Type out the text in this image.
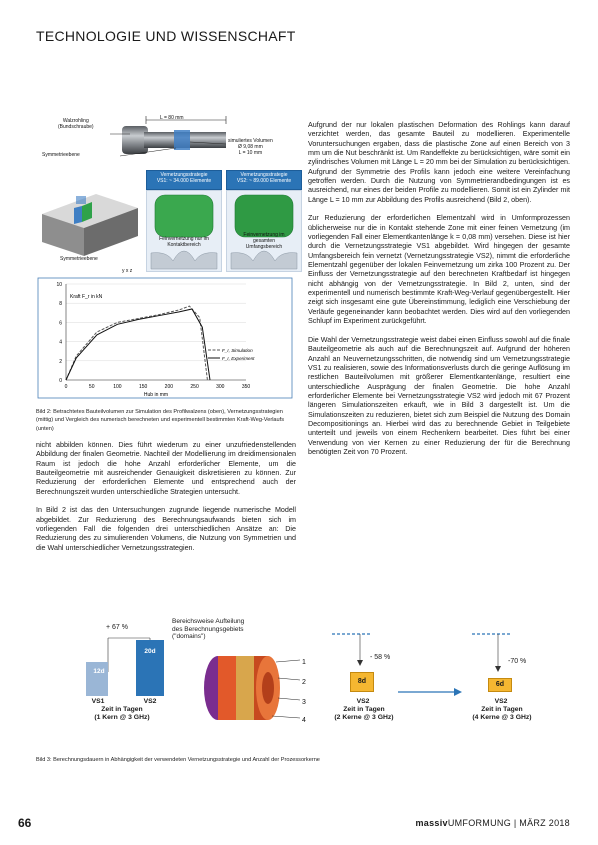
TECHNOLOGIE UND WISSENSCHAFT
Walzrohling
(Bundschraube)
Symmetrieebene
L = 80 mm
simuliertes Volumen
Ø 9,08 mm
L = 10 mm
Symmetrieebene
y x z
Vernetzungsstrategie
VS1: ~ 34.000 Elemente
Feinvernetzung nur im
Kontaktbereich
Vernetzungsstrategie
VS2: ~ 89.000 Elemente
Feinvernetzung im
gesamten
Umfangsbereich
0
2
4
6
8
10
0	50	100	150	200	250	300	350
Kraft F_r in kN
Hub in mm
F_r, Simulation
F_r, Experiment
Bild 2: Betrachtetes Bauteilvolumen zur Simulation des Profilwalzens (oben), Vernetzungsstrategien (mittig) und Vergleich des numerisch berechneten und experimentell bestimmten Kraft-Weg-Verlaufs (unten)

Aufgrund der nur lokalen plastischen Deformation des Rohlings kann darauf verzichtet werden, das gesamte Bauteil zu modellieren. Experimentelle Voruntersuchungen ergaben, dass die plastische Zone auf einen Bereich von 3 mm um die Nut beschränkt ist. Um Randeffekte zu berücksichtigen, wäre somit ein zylindrisches Volumen mit Länge L = 20 mm bei der Simulation zu berücksichtigen. Aufgrund der Symmetrie des Profils kann jedoch eine weitere Vereinfachung getroffen werden. Durch die Nutzung von Symmetrierandbedingungen ist es ausreichend, nur eines der beiden Profile zu modellieren. Somit ist ein Zylinder mit Länge L = 10 mm zur Abbildung des Profils ausreichend (Bild 2, oben).

Zur Reduzierung der erforderlichen Elementzahl wird in Umformprozessen üblicherweise nur die in Kontakt stehende Zone mit einer feinen Vernetzung (im vorliegenden Fall einer Elementkantenlänge k = 0,08 mm) versehen. Diese ist hier durch die Vernetzungsstrategie VS1 abgebildet. Wird hingegen der gesamte Umfangsbereich fein vernetzt (Vernetzungsstrategie VS2), nimmt die erforderliche Elementzahl gegenüber der lokalen Feinvernetzung um zirka 100 Prozent zu. Der Einfluss der Vernetzungsstrategie auf den berechneten Kraftbedarf ist hingegen nicht abhängig von der Vernetzungsstrategie. In Bild 2, unten, sind der experimentell und numerisch bestimmte Kraft-Weg-Verlauf gegenübergestellt. Hier zeigt sich insgesamt eine gute Übereinstimmung, lediglich eine Verschiebung der Verläufe gegeneinander kann beobachtet werden. Dies wird auf den vorliegenden Schlupf im Experiment zurückgeführt.

Die Wahl der Vernetzungsstrategie weist dabei einen Einfluss sowohl auf die finale Bauteilgeometrie als auch auf die Berechnungszeit auf. Aufgrund der höheren Anzahl an Neuvernetzungsschritten, die notwendig sind um Vernetzungsstrategie VS1 zu realisieren, sowie des Informationsverlusts durch die geringe Auflösung im restlichen Bauteilvolumen mit größerer Elementkantenlänge, resultiert eine unterschiedliche Ausprägung der finalen Geometrie. Die hohe Anzahl erforderlicher Elemente bei Vernetzungsstrategie VS2 wird jedoch mit 67 Prozent längeren Simulationszeiten erkauft, wie in Bild 3 dargestellt ist. Um die Simulationszeiten zu reduzieren, bietet sich zum Beispiel die Nutzung des Domain Decompositionings an. Hierbei wird das zu berechnende Gebiet in Teilgebiete unterteilt und jeweils von einem Rechenkern bearbeitet. Dies führt bei einer Verwendung von vier Kernen zu einer Reduzierung der für die Berechnung benötigten Zeit von 70 Prozent.

nicht abbilden können. Dies führt wiederum zu einer unzufriedenstellenden Abbildung der finalen Geometrie. Nachteil der Modellierung im dreidimensionalen Raum ist jedoch die hohe Anzahl erforderlicher Elemente, um die Bauteilgeometrie mit ausreichender Genauigkeit diskretisieren zu können. Zur Reduzierung der erforderlichen Elemente und entsprechend auch der Berechnungszeit wurden unterschiedliche Strategien untersucht.

In Bild 2 ist das den Untersuchungen zugrunde liegende numerische Modell abgebildet. Zur Reduzierung des Berechnungsaufwands bieten sich im vorliegenden Fall die folgenden drei unterschiedlichen Ansätze an: Die Reduzierung des zu simulierenden Volumens, die Nutzung von Symmetrien und die Wahl unterschiedlicher Vernetzungsstrategien.

+ 67 %
12d
20d
VS1	VS2
Zeit in Tagen
(1 Kern @ 3 GHz)
Bereichsweise Aufteilung
des Berechnungsgebiets
("domains")
1
2
3
4
- 58 %
-70 %
8d	6d
VS2
Zeit in Tagen
(2 Kerne @ 3 GHz)
VS2
Zeit in Tagen
(4 Kerne @ 3 GHz)
Bild 3: Berechnungsdauern in Abhängigkeit der verwendeten Vernetzungsstrategie und Anzahl der Prozessorkerne
66	massivUMFORMUNG | MÄRZ 2018
